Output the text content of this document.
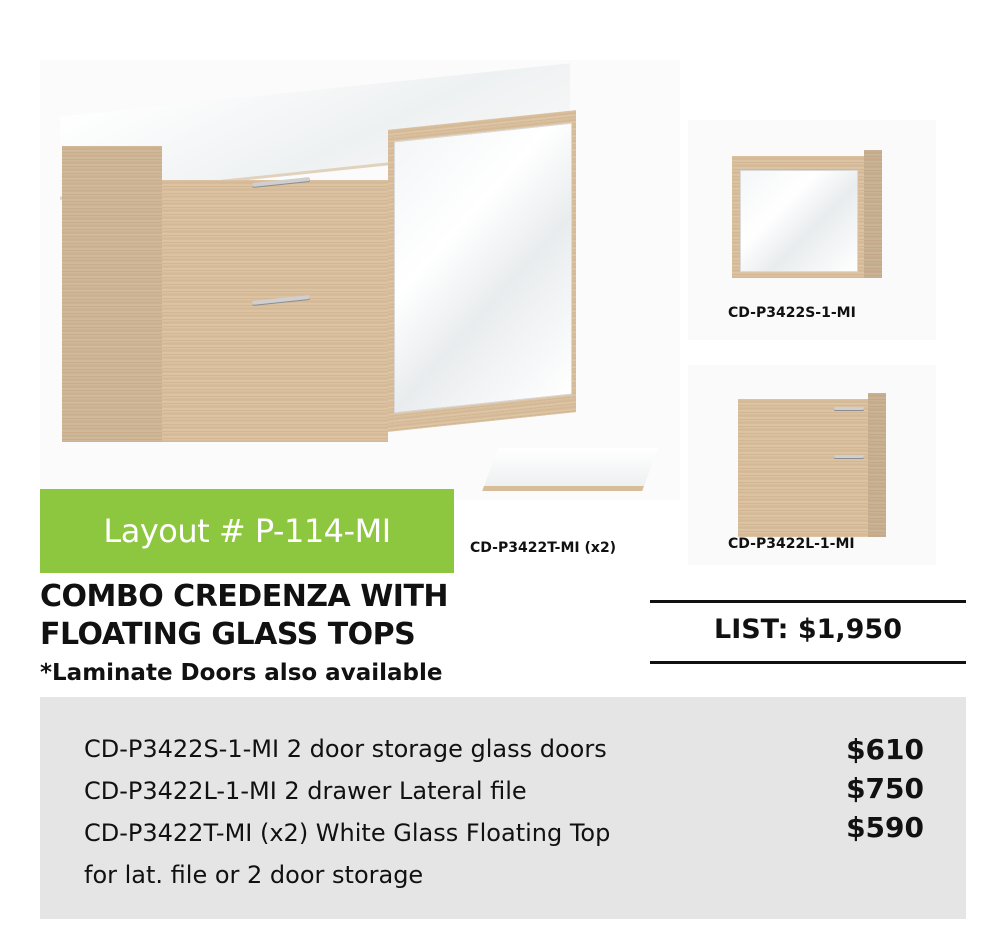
CD-P3422S-1-MI
CD-P3422L-1-MI
Layout # P-114-MI	CD-P3422T-MI (x2)
COMBO CREDENZA WITH
FLOATING GLASS TOPS
*Laminate Doors also available
LIST: $1,950
CD-P3422S-1-MI 2 door storage glass doors	$610
CD-P3422L-1-MI 2 drawer Lateral file	$750
CD-P3422T-MI (x2) White Glass Floating Top	$590
for lat. file or 2 door storage
